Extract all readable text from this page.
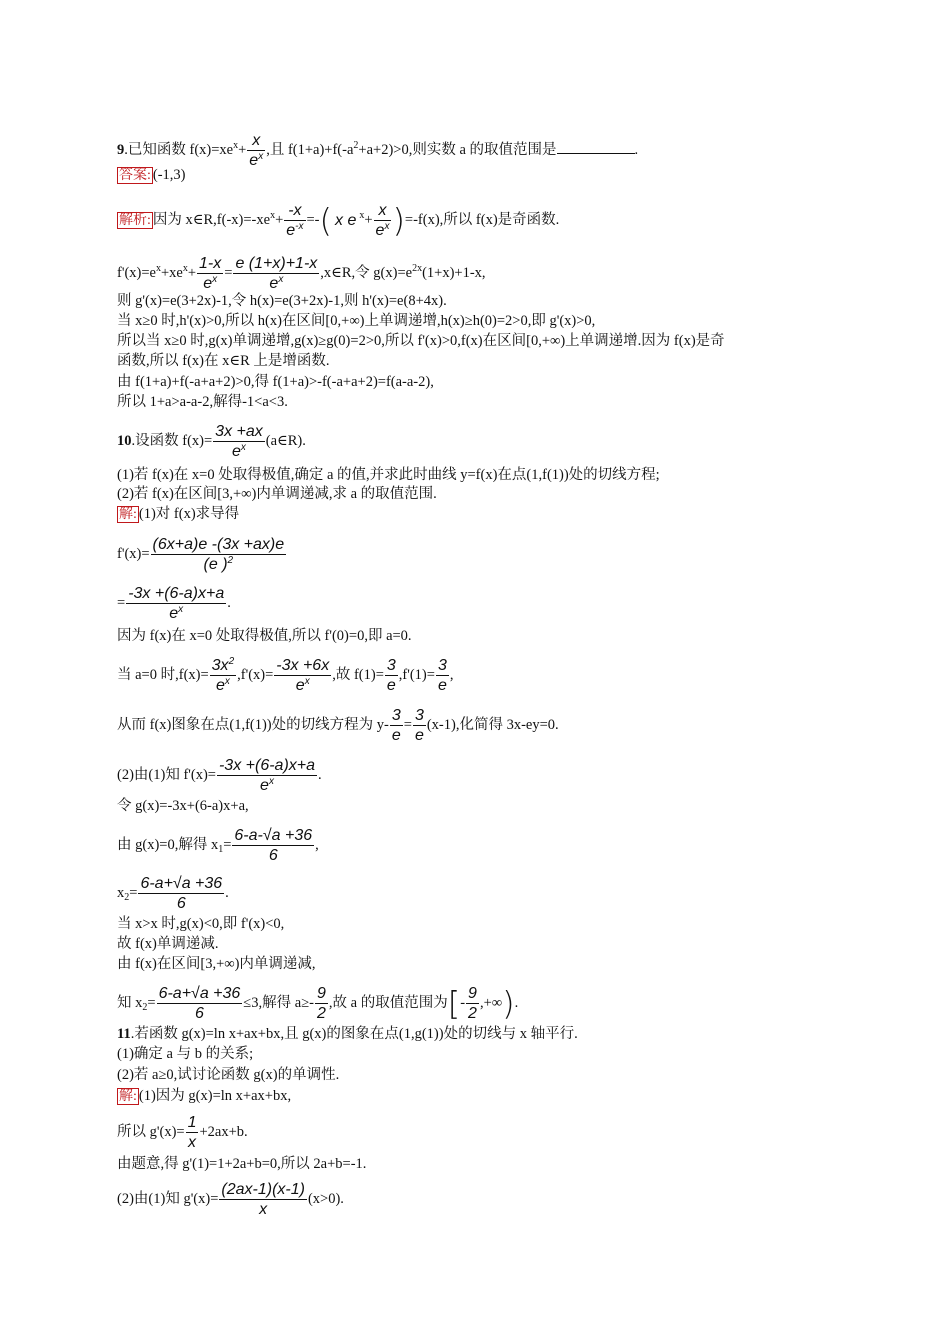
9.已知函数 $f(x)=xe^x+ \frac{x}{e^x}$ ,且 $f(1+a)+f(-a^2+a+2)>0$,则实数 a 的取值范围是	.
答案: (-1,3)
解析: 因为 $x\in R,f(-x)=-xe^x+ \frac{-x}{e^{-x}}$ =-( x e $^x+ \frac{x}{e^x} )=-f(x)$,所以 f(x)是奇函数.
$f'(x)=e^x+xe^x+ \frac{1-x}{e^x} = \frac{e (1+x)+1-x}{e^x}$ ,x∈R,令 $g(x)=e^{2x}(1+x)+1-x$,
则 g'(x)=e(3+2x)-1,令 h(x)=e(3+2x)-1,则 h'(x)=e(8+4x).
当 x≥0 时,h'(x)>0,所以 h(x)在区间[0,+∞)上单调递增,h(x)≥h(0)=2>0,即 g'(x)>0,
所以当 x≥0 时,g(x)单调递增,g(x)≥g(0)=2>0,所以 f'(x)>0,f(x)在区间[0,+∞)上单调递增.因为 f(x)是奇
函数,所以 f(x)在 x∈R 上是增函数.
由 f(1+a)+f(-a+a+2)>0,得 f(1+a)>-f(-a+a+2)=f(a-a-2),
所以 1+a>a-a-2,解得-1<a<3.
10.设函数 $f(x)= \frac{3x +ax}{e^x}$ (a∈R).
(1)若 f(x)在 x=0 处取得极值,确定 a 的值,并求此时曲线 y=f(x)在点(1,f(1))处的切线方程;
(2)若 f(x)在区间[3,+∞)内单调递减,求 a 的取值范围.
解: (1)对 f(x)求导得
$f'(x)= \frac{(6x+a)e -(3x +ax)e}{(e )^2}$
= $\frac{-3x +(6-a)x+a}{e^x}$ .
因为 f(x)在 x=0 处取得极值,所以 f'(0)=0,即 a=0.
当 a=0 时$,f(x)= \frac{3x^2}{e^x} ,f'(x)= \frac{-3x +6x}{e^x}$ ,故 $f(1)= \frac{3}{e} ,f'(1)= \frac{3}{e}$ ,
从而 f(x)图象在点(1,f(1))处的切线方程为 $y- \frac{3}{e} = \frac{3}{e} (x-1)$,化简得 3x-ey=0.
(2)由(1)知 $f'(x)= \frac{-3x +(6-a)x+a}{e^x}$ .
令 g(x)=-3x+(6-a)x+a,
由 g(x)=0,解得 $x_1= \frac{6-a-√a +36}{6}$ ,
$x_2= \frac{6-a+√a +36}{6}$ .
当 x>x 时,g(x)<0,即 f'(x)<0,
故 f(x)单调递减.
由 f(x)在区间[3,+∞)内单调递减,
知 $x_2= \frac{6-a+√a +36}{6} \le 3$,解得 $a\ge- \frac{9}{2}$ ,故 a 的取值范围为[- $\frac{9}{2}$ ,+∞).
11.若函数 g(x)=ln x+ax+bx,且 g(x)的图象在点(1,g(1))处的切线与 x 轴平行.
(1)确定 a 与 b 的关系;
(2)若 a≥0,试讨论函数 g(x)的单调性.
解: (1)因为 g(x)=ln x+ax+bx,
所以 $g'(x)= \frac{1}{x} +2ax+b$.
由题意,得 g'(1)=1+2a+b=0,所以 2a+b=-1.
(2)由(1)知 $g'(x)= \frac{(2ax-1)(x-1)}{x} (x>0)$.
